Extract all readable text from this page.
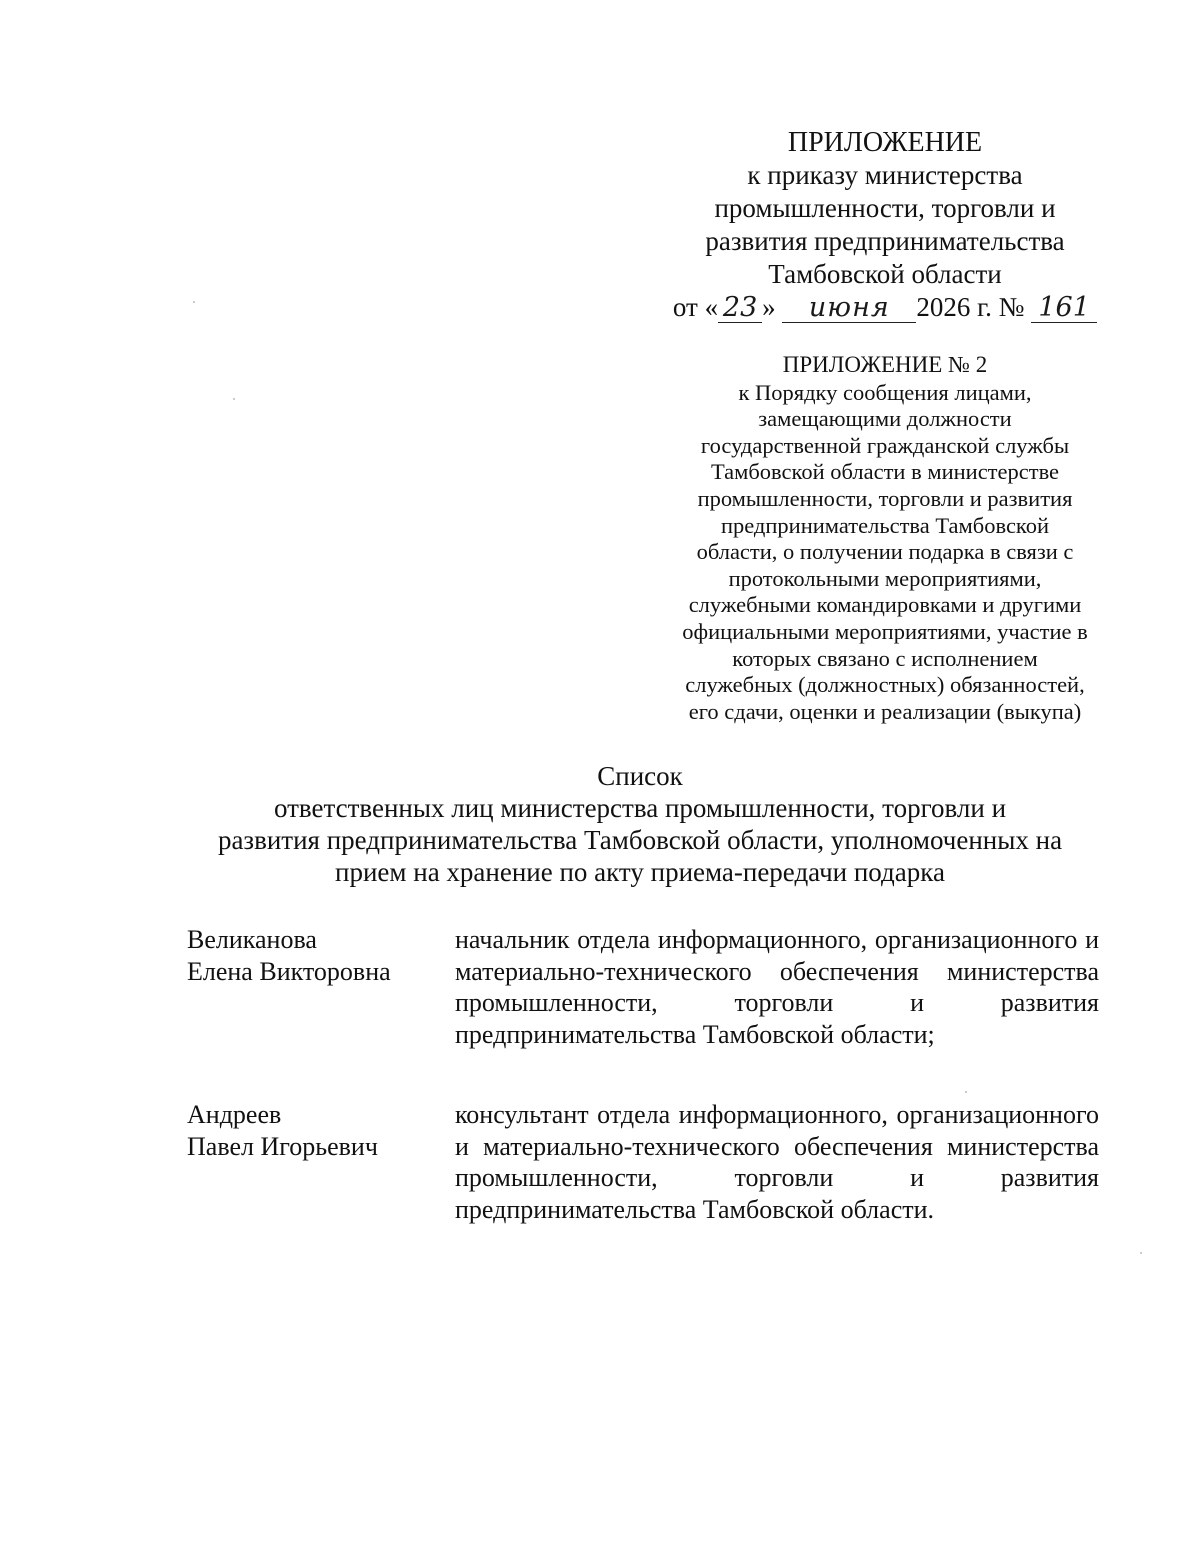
ПРИЛОЖЕНИЕ
к приказу министерства
промышленности, торговли и
развития предпринимательства
Тамбовской области
от « 23 » июня 2026 г. № 161
ПРИЛОЖЕНИЕ № 2
к Порядку сообщения лицами,
замещающими должности
государственной гражданской службы
Тамбовской области в министерстве
промышленности, торговли и развития
предпринимательства Тамбовской
области, о получении подарка в связи с
протокольными мероприятиями,
служебными командировками и другими
официальными мероприятиями, участие в
которых связано с исполнением
служебных (должностных) обязанностей,
его сдачи, оценки и реализации (выкупа)
Список
ответственных лиц министерства промышленности, торговли и
развития предпринимательства Тамбовской области, уполномоченных на
прием на хранение по акту приема-передачи подарка
Великанова
Елена Викторовна
начальник отдела информационного, организационного и материально-технического обеспечения министерства промышленности, торговли и развития предпринимательства Тамбовской области;
Андреев
Павел Игорьевич
консультант отдела информационного, организационного и материально-технического обеспечения министерства промышленности, торговли и развития предпринимательства Тамбовской области.
